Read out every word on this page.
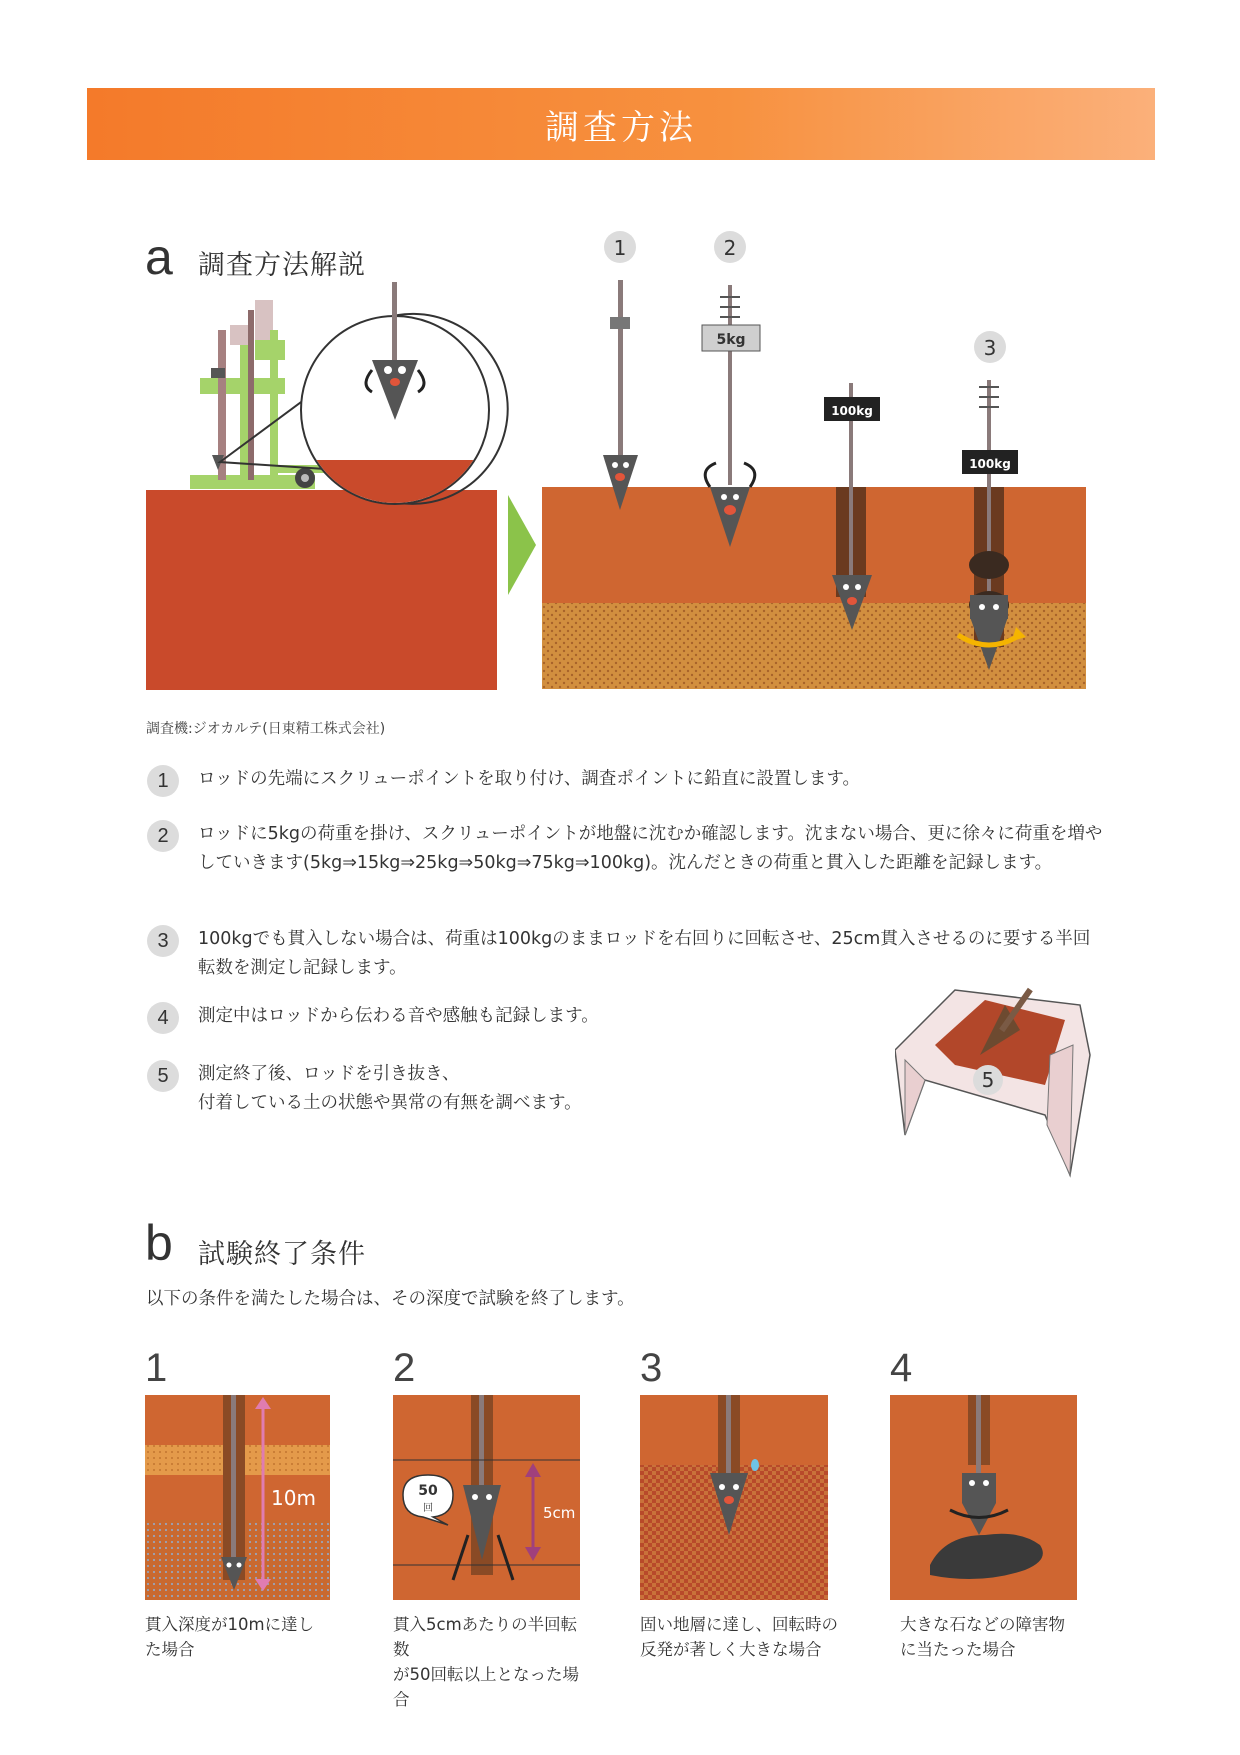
調査方法
a 調査方法解説
1	2
3
5kg
100kg
100kg
調査機:ジオカルテ(日東精工株式会社)
1	ロッドの先端にスクリューポイントを取り付け、調査ポイントに鉛直に設置します。
2	ロッドに5kgの荷重を掛け、スクリューポイントが地盤に沈むか確認します。沈まない場合、更に徐々に荷重を増やしていきます(5kg⇒15kg⇒25kg⇒50kg⇒75kg⇒100kg)。沈んだときの荷重と貫入した距離を記録します。
3	100kgでも貫入しない場合は、荷重は100kgのままロッドを右回りに回転させ、25cm貫入させるのに要する半回転数を測定し記録します。
4	測定中はロッドから伝わる音や感触も記録します。
5	測定終了後、ロッドを引き抜き、
付着している土の状態や異常の有無を調べます。
5
b 試験終了条件
以下の条件を満たした場合は、その深度で試験を終了します。
1	2	3	4
10m
5cm
50
回
貫入深度が10mに達し
た場合
貫入5cmあたりの半回転数
が50回転以上となった場合
固い地層に達し、回転時の
反発が著しく大きな場合
大きな石などの障害物
に当たった場合
